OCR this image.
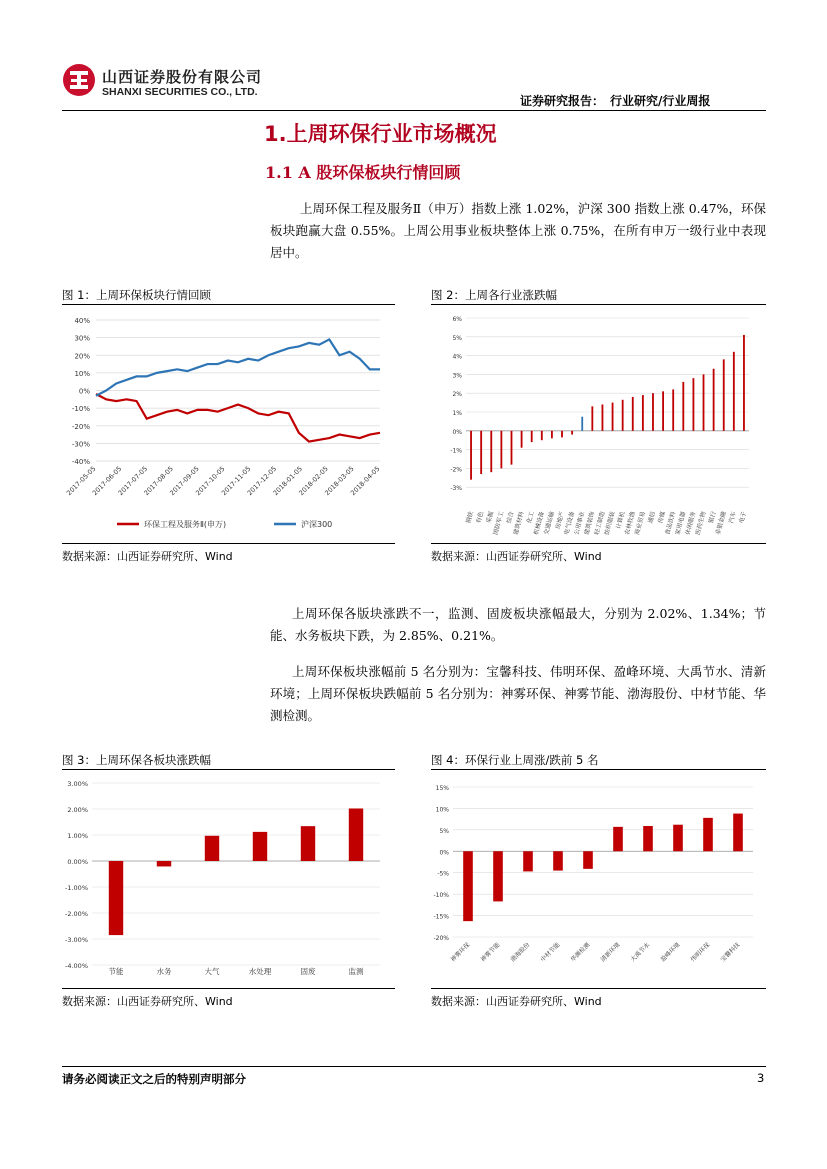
山西证券股份有限公司
SHANXI SECURITIES CO., LTD.
证券研究报告：　行业研究/行业周报
1.上周环保行业市场概况
1.1 A 股环保板块行情回顾
上周环保工程及服务Ⅱ（申万）指数上涨 1.02%，沪深 300 指数上涨 0.47%，环保板块跑赢大盘 0.55%。上周公用事业板块整体上涨 0.75%，在所有申万一级行业中表现居中。
图 1：上周环保板块行情回顾	图 2：上周各行业涨跌幅
40%
30%
20%
10%
0%
-10%
-20%
-30%
-40%
2017-05-05
2017-06-05
2017-07-05
2017-08-05
2017-09-05
2017-10-05
2017-11-05
2017-12-05
2018-01-05
2018-02-05
2018-03-05
2018-04-05
环保工程及服务Ⅱ(申万)	沪深300
6%
5%
4%
3%
2%
1%
0%
-1%
-2%
-3%
钢铁 有色 采掘
国防军工 综合
建筑材料 化工
机械设备
交通运输
房地产
电气设备
公用事业
建筑装饰
轻工制造
纺织服装
计算机
农林牧渔
商业贸易 通信 传媒
食品饮料
家用电器
休闲服务
医药生物 银行
非银金融 汽车 电子
数据来源：山西证券研究所、Wind	数据来源：山西证券研究所、Wind
上周环保各版块涨跌不一，监测、固废板块涨幅最大，分别为 2.02%、1.34%；节能、水务板块下跌，为 2.85%、0.21%。
上周环保板块涨幅前 5 名分别为：宝馨科技、伟明环保、盈峰环境、大禹节水、清新环境；上周环保板块跌幅前 5 名分别为：神雾环保、神雾节能、渤海股份、中材节能、华测检测。
图 3：上周环保各板块涨跌幅	图 4：环保行业上周涨/跌前 5 名
3.00%
2.00%
1.00%
0.00%
-1.00%
-2.00%
-3.00%
-4.00%
节能	水务	大气	水处理	固废	监测
15%
10%
5%
0%
-5%
-10%
-15%
-20%
神雾环保 神雾节能 渤海股份 中材节能 华测检测 清新环境 大禹节水 盈峰环境 伟明环保 宝馨科技
数据来源：山西证券研究所、Wind	数据来源：山西证券研究所、Wind
请务必阅读正文之后的特别声明部分	3
